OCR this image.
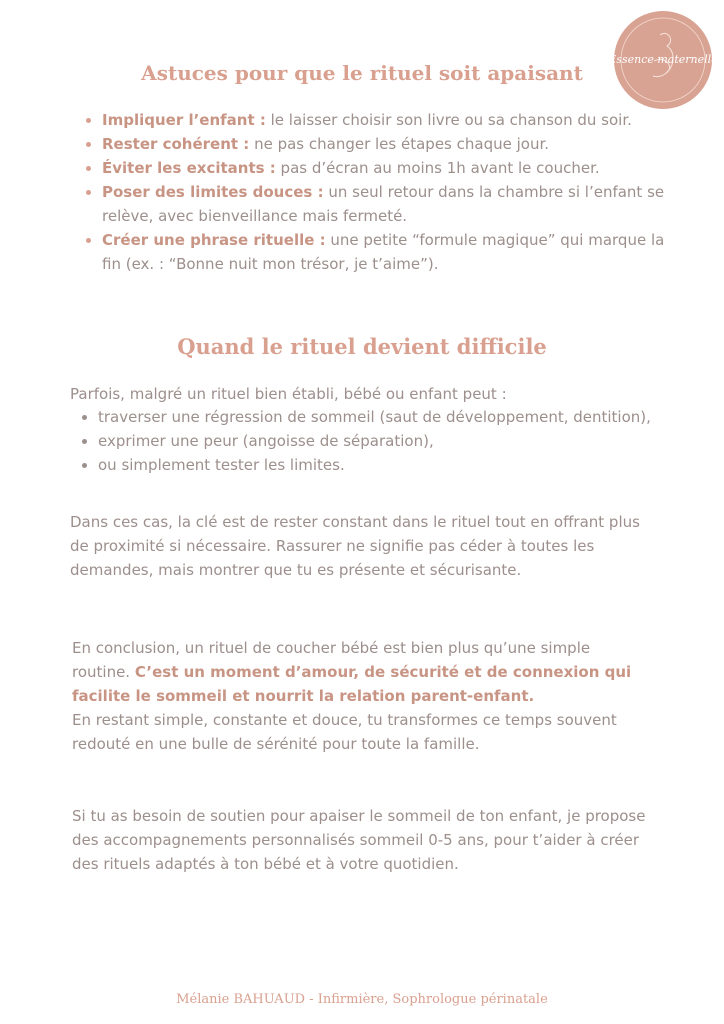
Essence maternelle
Astuces pour que le rituel soit apaisant
• Impliquer l’enfant : le laisser choisir son livre ou sa chanson du soir.
• Rester cohérent : ne pas changer les étapes chaque jour.
• Éviter les excitants : pas d’écran au moins 1h avant le coucher.
• Poser des limites douces : un seul retour dans la chambre si l’enfant se relève, avec bienveillance mais fermeté.
• Créer une phrase rituelle : une petite “formule magique” qui marque la fin (ex. : “Bonne nuit mon trésor, je t’aime”).
Quand le rituel devient difficile

Parfois, malgré un rituel bien établi, bébé ou enfant peut :

• traverser une régression de sommeil (saut de développement, dentition),
• exprimer une peur (angoisse de séparation),
• ou simplement tester les limites.

Dans ces cas, la clé est de rester constant dans le rituel tout en offrant plus de proximité si nécessaire. Rassurer ne signifie pas céder à toutes les demandes, mais montrer que tu es présente et sécurisante.

En conclusion, un rituel de coucher bébé est bien plus qu’une simple routine. C’est un moment d’amour, de sécurité et de connexion qui facilite le sommeil et nourrit la relation parent-enfant.
En restant simple, constante et douce, tu transformes ce temps souvent redouté en une bulle de sérénité pour toute la famille.

Si tu as besoin de soutien pour apaiser le sommeil de ton enfant, je propose des accompagnements personnalisés sommeil 0-5 ans, pour t’aider à créer des rituels adaptés à ton bébé et à votre quotidien.

Mélanie BAHUAUD - Infirmière, Sophrologue périnatale
